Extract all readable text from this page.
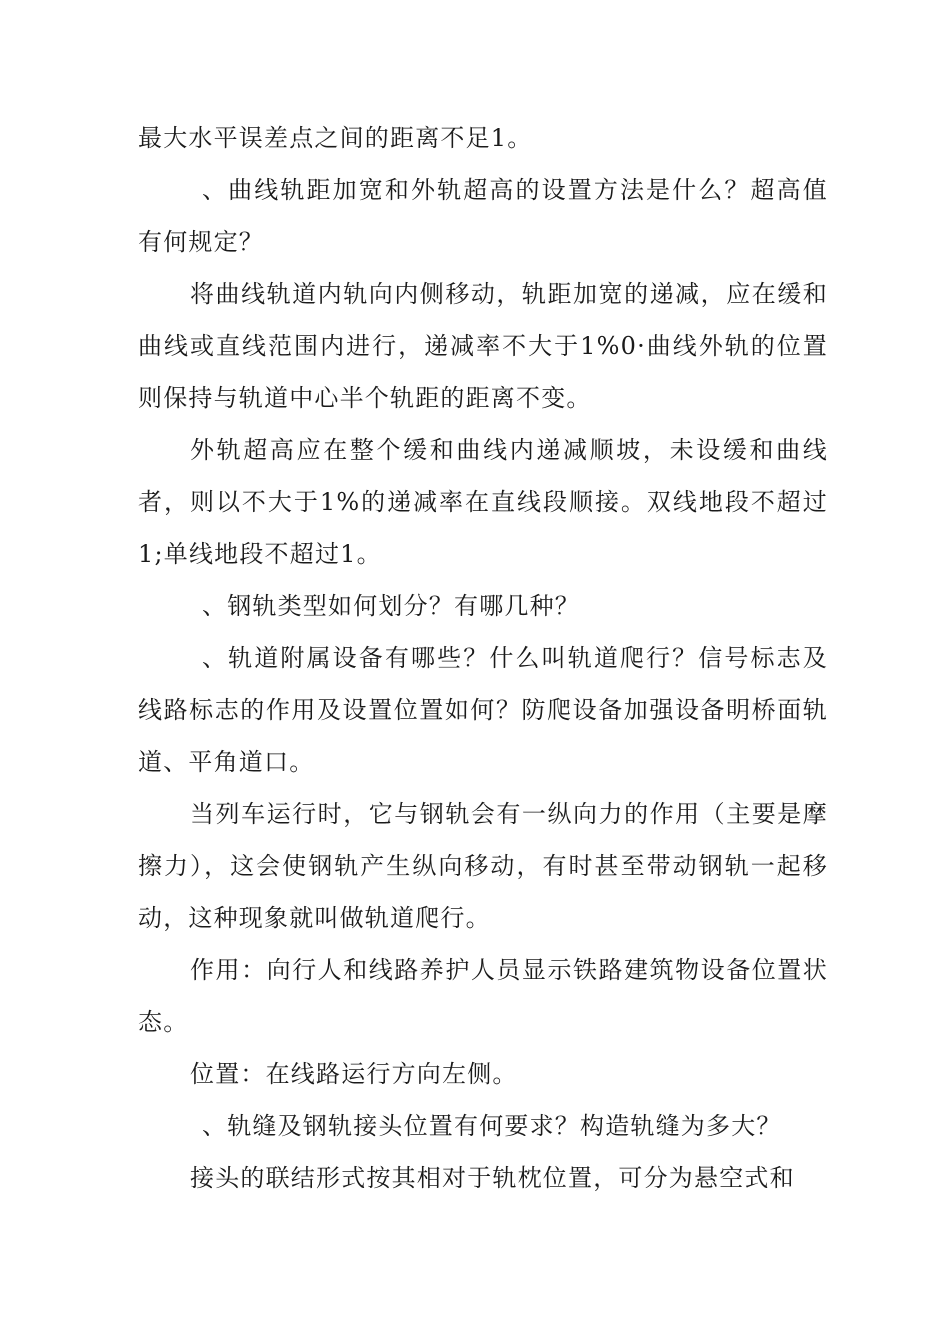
最大水平误差点之间的距离不足1。

、曲线轨距加宽和外轨超高的设置方法是什么？超高值有何规定？

将曲线轨道内轨向内侧移动，轨距加宽的递减，应在缓和曲线或直线范围内进行，递减率不大于1%0·曲线外轨的位置则保持与轨道中心半个轨距的距离不变。

外轨超高应在整个缓和曲线内递减顺坡，未设缓和曲线者，则以不大于1%的递减率在直线段顺接。双线地段不超过1;单线地段不超过1。

、钢轨类型如何划分？有哪几种？

、轨道附属设备有哪些？什么叫轨道爬行？信号标志及线路标志的作用及设置位置如何？防爬设备加强设备明桥面轨道、平角道口。

当列车运行时，它与钢轨会有一纵向力的作用（主要是摩擦力），这会使钢轨产生纵向移动，有时甚至带动钢轨一起移动，这种现象就叫做轨道爬行。

作用：向行人和线路养护人员显示铁路建筑物设备位置状态。

位置：在线路运行方向左侧。

、轨缝及钢轨接头位置有何要求？构造轨缝为多大？

接头的联结形式按其相对于轨枕位置，可分为悬空式和
